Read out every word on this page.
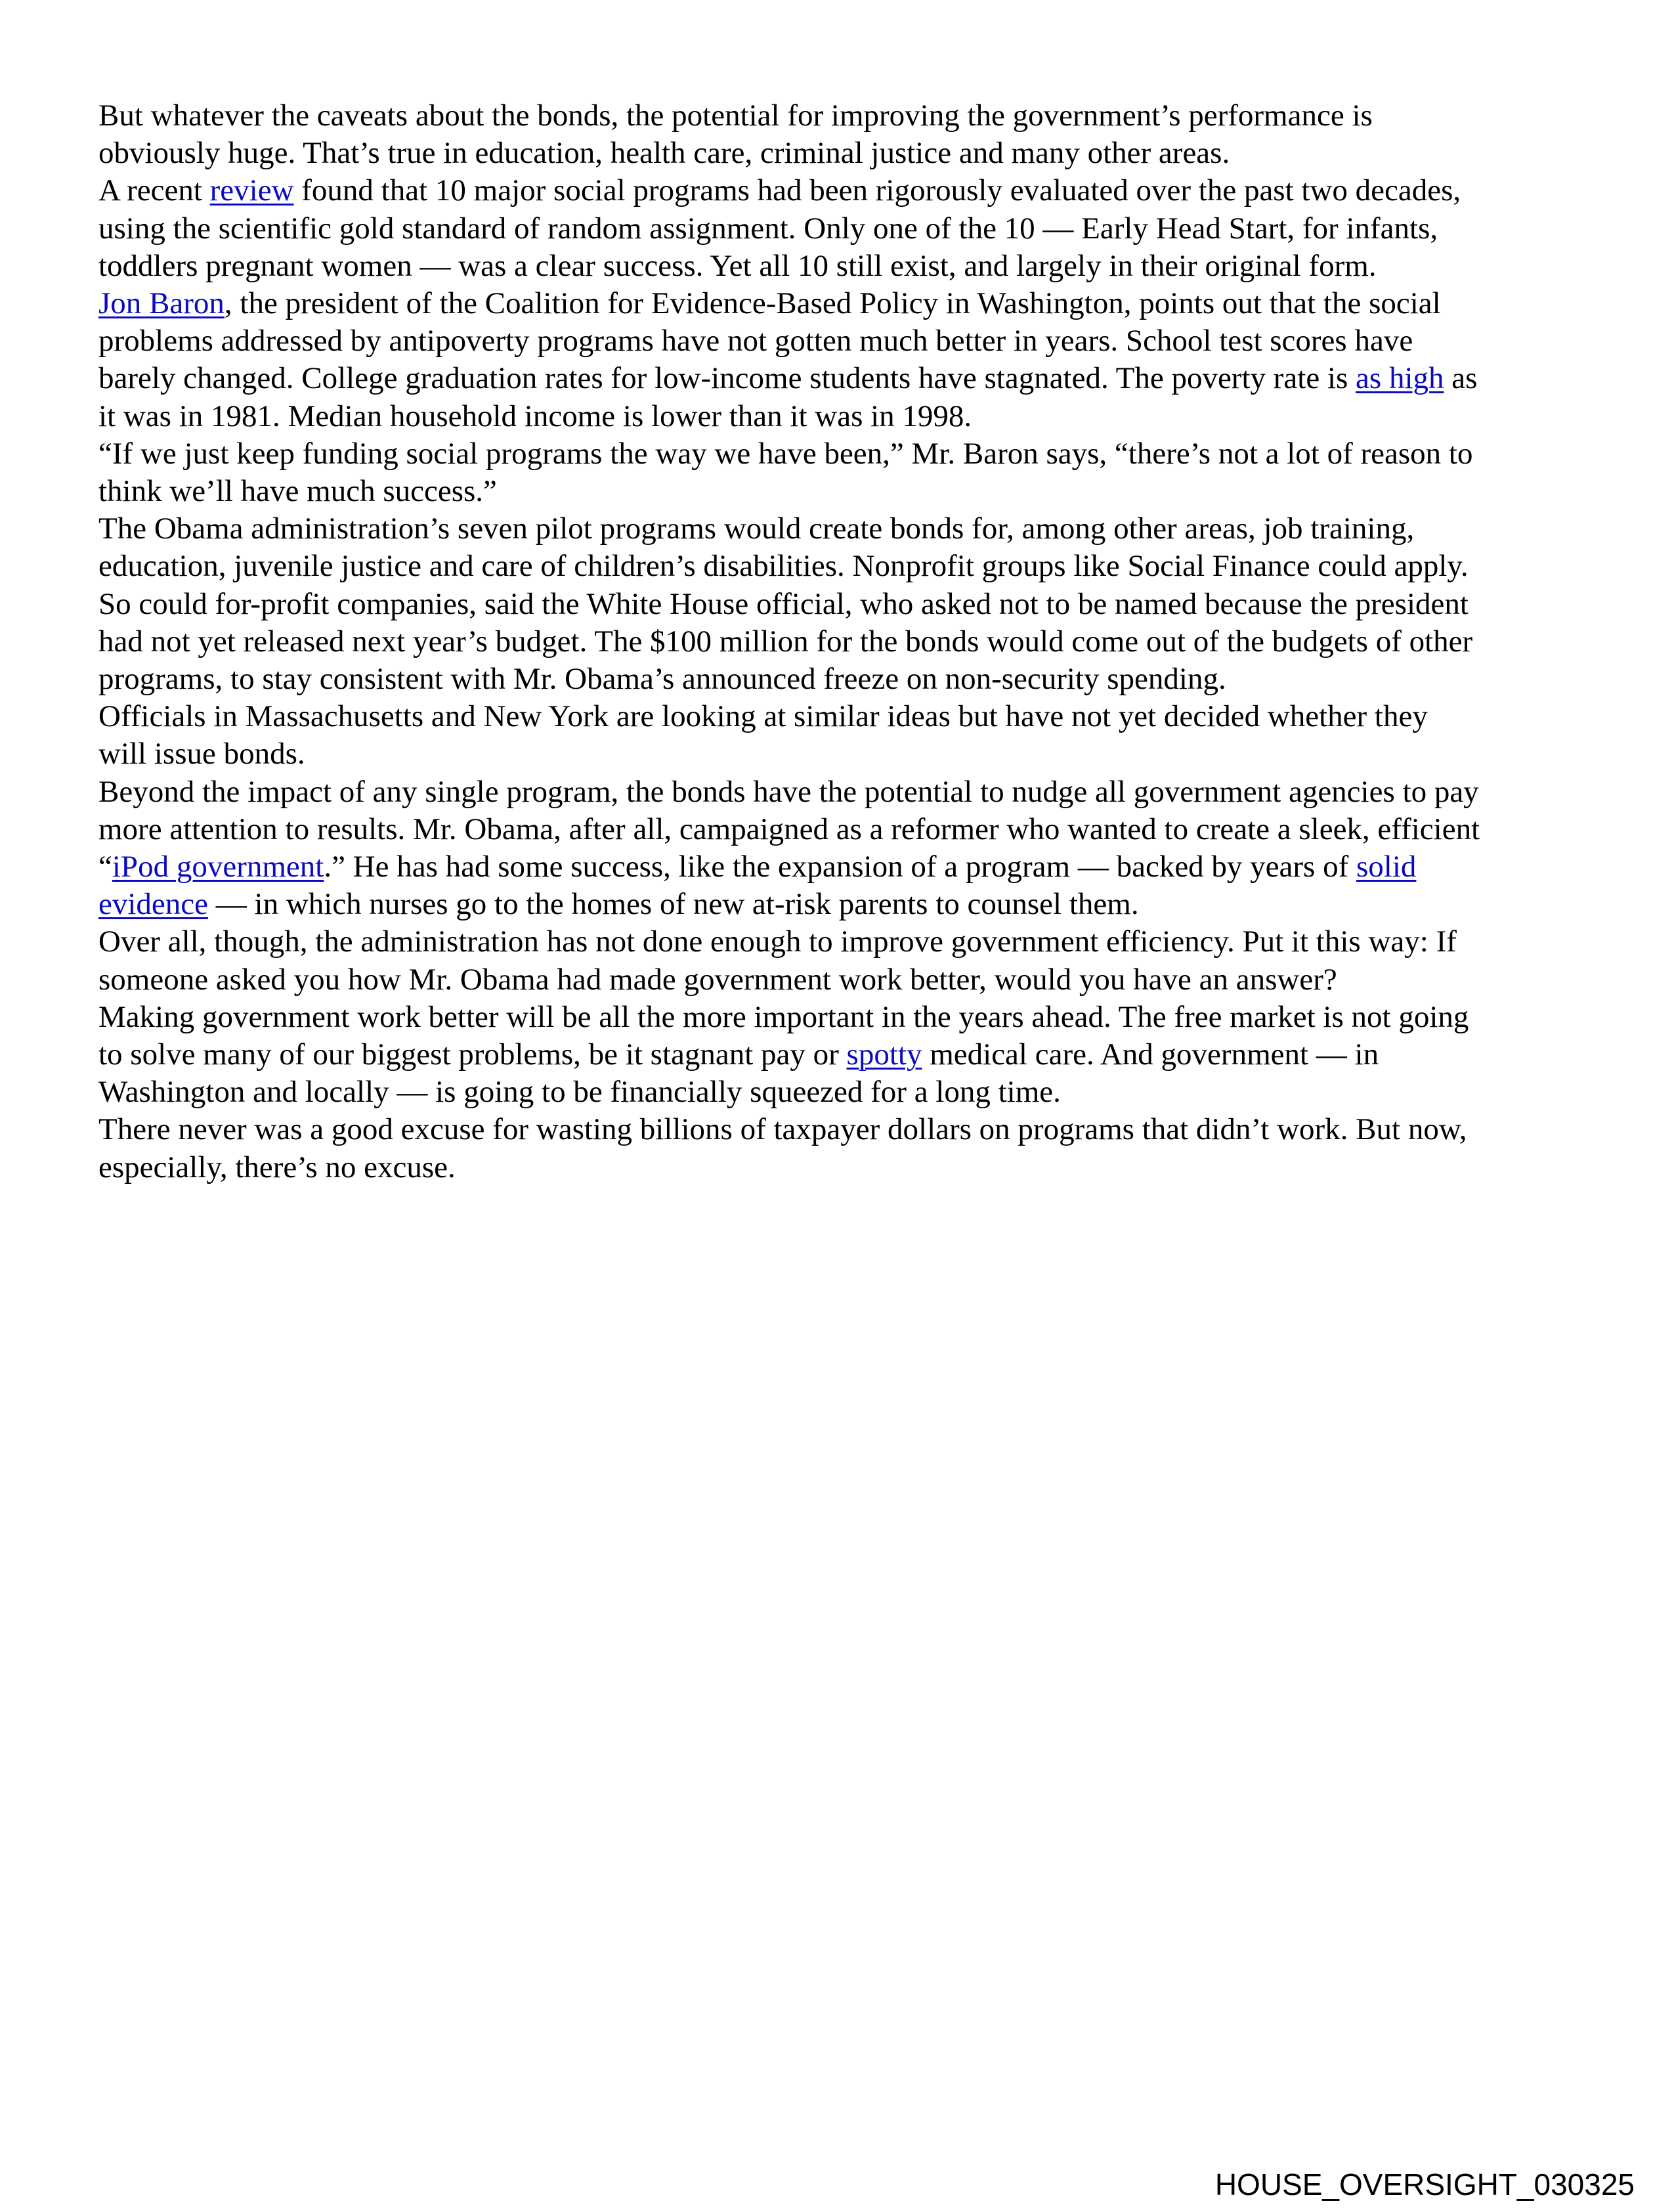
But whatever the caveats about the bonds, the potential for improving the government’s performance is
obviously huge. That’s true in education, health care, criminal justice and many other areas.
A recent review found that 10 major social programs had been rigorously evaluated over the past two decades,
using the scientific gold standard of random assignment. Only one of the 10 — Early Head Start, for infants,
toddlers pregnant women — was a clear success. Yet all 10 still exist, and largely in their original form.
Jon Baron, the president of the Coalition for Evidence-Based Policy in Washington, points out that the social
problems addressed by antipoverty programs have not gotten much better in years. School test scores have
barely changed. College graduation rates for low-income students have stagnated. The poverty rate is as high as
it was in 1981. Median household income is lower than it was in 1998.
“If we just keep funding social programs the way we have been,” Mr. Baron says, “there’s not a lot of reason to
think we’ll have much success.”
The Obama administration’s seven pilot programs would create bonds for, among other areas, job training,
education, juvenile justice and care of children’s disabilities. Nonprofit groups like Social Finance could apply.
So could for-profit companies, said the White House official, who asked not to be named because the president
had not yet released next year’s budget. The $100 million for the bonds would come out of the budgets of other
programs, to stay consistent with Mr. Obama’s announced freeze on non-security spending.
Officials in Massachusetts and New York are looking at similar ideas but have not yet decided whether they
will issue bonds.
Beyond the impact of any single program, the bonds have the potential to nudge all government agencies to pay
more attention to results. Mr. Obama, after all, campaigned as a reformer who wanted to create a sleek, efficient
“iPod government.” He has had some success, like the expansion of a program — backed by years of solid
evidence — in which nurses go to the homes of new at-risk parents to counsel them.
Over all, though, the administration has not done enough to improve government efficiency. Put it this way: If
someone asked you how Mr. Obama had made government work better, would you have an answer?
Making government work better will be all the more important in the years ahead. The free market is not going
to solve many of our biggest problems, be it stagnant pay or spotty medical care. And government — in
Washington and locally — is going to be financially squeezed for a long time.
There never was a good excuse for wasting billions of taxpayer dollars on programs that didn’t work. But now,
especially, there’s no excuse.
HOUSE_OVERSIGHT_030325
